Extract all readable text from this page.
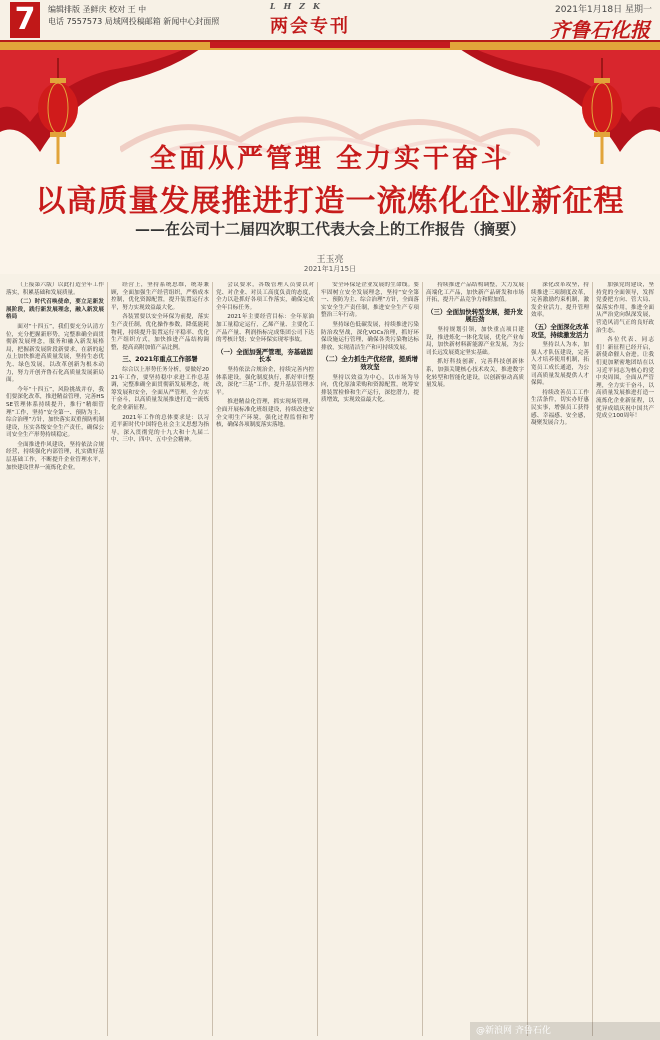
7	编辑排版 圣鲜庆 校对 王 中
电话 7557573 局域网投稿邮箱 新闻中心封面照
LHZK
两会专刊
2021年1月18日 星期一
齐鲁石化报
全面从严管理 全力实干奋斗
以高质量发展推进打造一流炼化企业新征程
——在公司十二届四次职工代表大会上的工作报告（摘要）
王玉亮
2021年1月15日

（上接第六版）以此打造全年工作落实，积累基础和发展质量。

（二）时代召唤使命，要立足新发展阶段，践行新发展理念，融入新发展格局

面对“十四五”，我们要充分认清方位，充分把握新形势，完整准确全面贯彻新发展理念，服务和融入新发展格局，把握新发展阶段新要求，在新的起点上加快推进高质量发展，坚持生态优先、绿色发展，以改革创新为根本动力，努力开创齐鲁石化高质量发展新局面。

今年“十四五”，风险挑战并存，我们要深化改革，推进精益管理，完善HSSE管理体系持续提升，推行“精细管理”工作，坚持“安全第一、预防为主、综合治理”方针，加快落实双重预防机制建设，压实各级安全生产责任，确保公司安全生产形势持续稳定。

全面推进作风建设，坚持依法合规经营，持续强化内部管理，扎实做好基层基础工作，不断提升企业管理水平，加快建设世界一流炼化企业。

经营上，坚持系统思维，统筹兼顾，全面加强生产经营组织，严格成本控制，优化资源配置，提升装置运行水平，努力实现效益最大化。

各装置要以安全环保为前提，落实生产责任制，优化操作参数，降低能耗物耗，持续提升装置运行平稳率、优化生产组织方式，加快推进产品结构调整，提高高附加值产品比例。

三、2021年重点工作部署

综合以上形势任务分析，要做好2021年工作，要坚持稳中求进工作总基调，完整准确全面贯彻新发展理念，统筹发展和安全，全面从严管理，全力实干奋斗，以高质量发展推进打造一流炼化企业新征程。

2021年工作的总体要求是：以习近平新时代中国特色社会主义思想为指导，深入贯彻党的十九大和十九届二中、三中、四中、五中全会精神。

会议要求，各级管理人员要以对党、对企业、对员工高度负责的态度，全力以赴抓好各项工作落实，确保完成全年目标任务。

2021年主要经营目标：全年原油加工量稳定运行，乙烯产量、主要化工产品产量、利润指标完成集团公司下达的考核计划；安全环保实现零事故。

（一）全面加强严管理，夯基础固长本

坚持依法合规治企，持续完善内控体系建设，强化制度执行，抓好审计整改，深化“三基”工作，提升基层管理水平。

推进精益化管理，抓实现场管理，全面开展标准化班组建设，持续改进安全文明生产环境，强化过程监督和考核，确保各项制度落实落地。

安全环保是企业发展的生命线。要牢固树立安全发展理念，坚持“安全第一、预防为主、综合治理”方针，全面落实安全生产责任制，推进安全生产专项整治三年行动。

坚持绿色低碳发展，持续推进污染防治攻坚战，深化VOCs治理，抓好环保设施运行管理，确保各类污染物达标排放，实现清洁生产和可持续发展。

（二）全力抓生产优经营，提质增效攻坚

坚持以效益为中心，以市场为导向，优化原油采购和资源配置，统筹安排装置检修和生产运行，深挖潜力，提质增效，实现效益最大化。

持续推进产品结构调整，大力发展高端化工产品，加快新产品研发和市场开拓，提升产品竞争力和附加值。

（三）全面加快转型发展，提升发展后劲

坚持规划引领，加快重点项目建设，推进炼化一体化发展，优化产业布局，加快新材料新能源产业发展，为公司长远发展奠定坚实基础。

抓好科技创新，完善科技创新体系，加强关键核心技术攻关，推进数字化转型和智能化建设，以创新驱动高质量发展。

深化改革攻坚，持续推进三项制度改革，完善激励约束机制，激发企业活力，提升管理效率。

（五）全面深化改革攻坚，持续激发活力

坚持以人为本，加强人才队伍建设，完善人才培养使用机制，拓宽员工成长通道，为公司高质量发展提供人才保障。

持续改善员工工作生活条件，切实办好惠民实事，增强员工获得感、幸福感、安全感，凝聚发展合力。

加强党的建设，坚持党的全面领导，发挥党委把方向、管大局、保落实作用，推进全面从严治党向纵深发展，营造风清气正的良好政治生态。

各位代表、同志们！新征程已经开启，新使命催人奋进。让我们更加紧密地团结在以习近平同志为核心的党中央周围，全面从严管理，全力实干奋斗，以高质量发展推进打造一流炼化企业新征程，以优异成绩庆祝中国共产党成立100周年！

@新浪网 齐鲁石化
